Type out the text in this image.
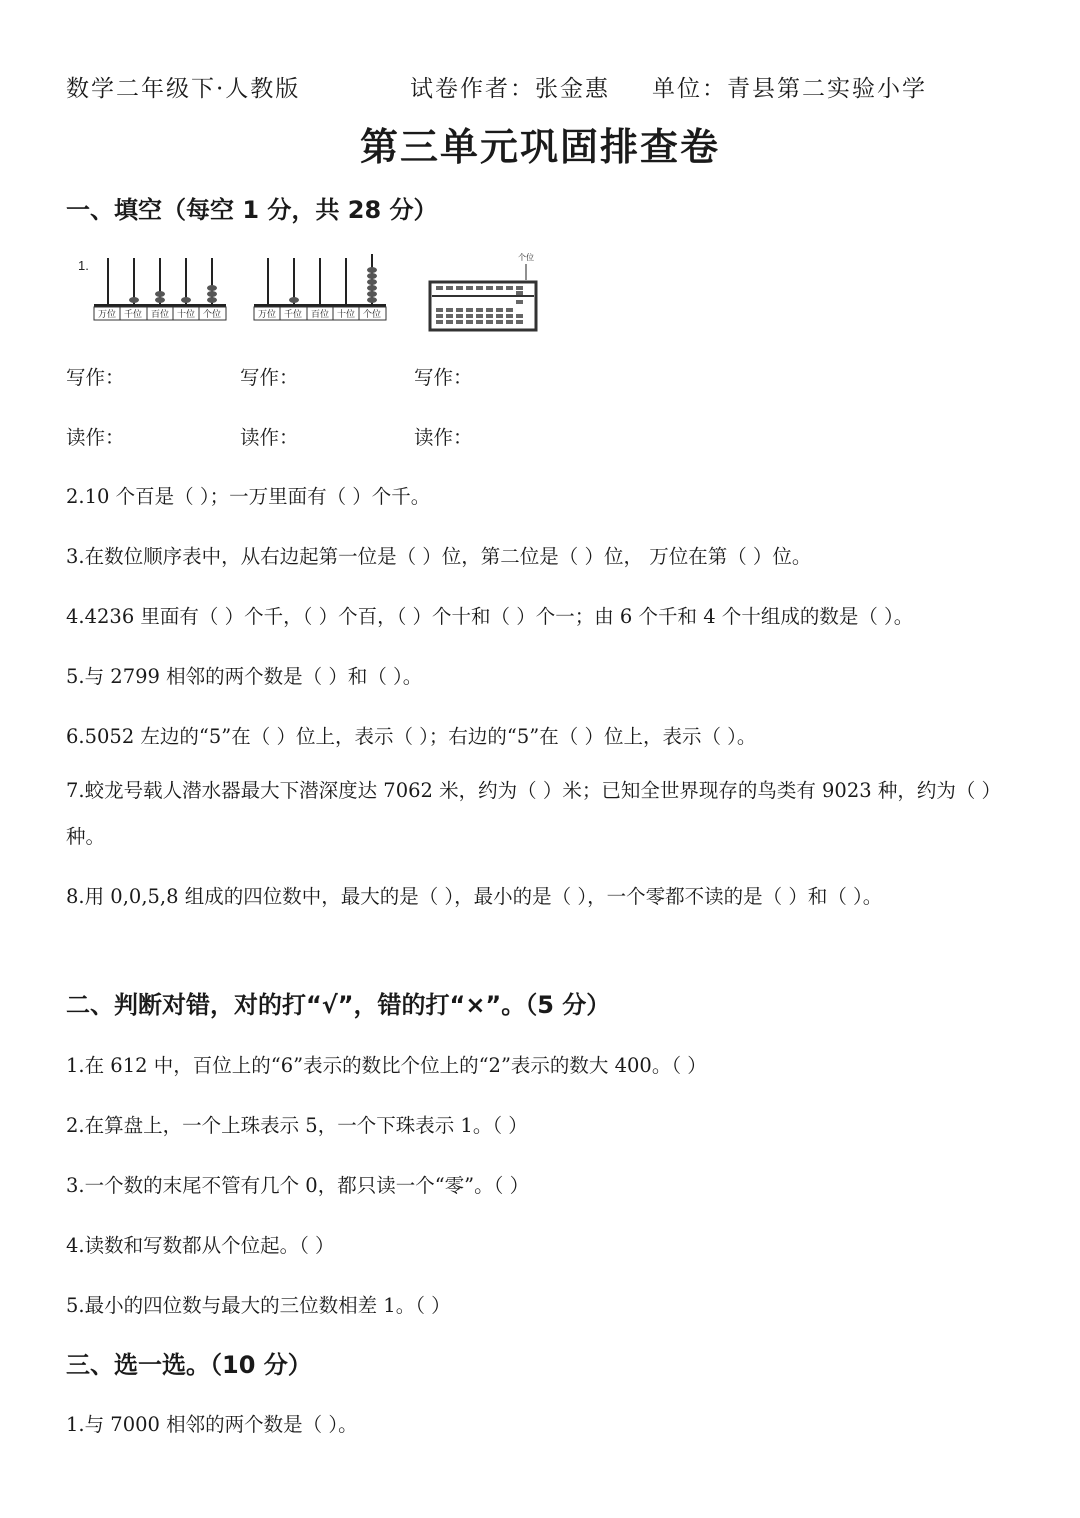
数学二年级下·人教版	试卷作者：张金惠 单位：青县第二实验小学
第三单元巩固排查卷
一、填空（每空 1 分，共 28 分）
1.
万位 千位 百位 十位 个位	万位 千位 百位 十位 个位
个位
写作：	写作：	写作：
读作：	读作：	读作：
2.10 个百是（ ）；一万里面有（ ）个千。
3.在数位顺序表中，从右边起第一位是（ ）位，第二位是（ ）位， 万位在第（ ）位。
4.4236 里面有（ ）个千，（ ）个百，（ ）个十和（ ）个一；由 6 个千和 4 个十组成的数是（ ）。
5.与 2799 相邻的两个数是（ ）和（ ）。
6.5052 左边的“5”在（ ）位上，表示（ ）；右边的“5”在（ ）位上，表示（ ）。
7.蛟龙号载人潜水器最大下潜深度达 7062 米，约为（ ）米；已知全世界现存的鸟类有 9023 种，约为（ ）种。
8.用 0,0,5,8 组成的四位数中，最大的是（ ），最小的是（ ），一个零都不读的是（ ）和（ ）。
二、判断对错，对的打“√”，错的打“×”。（5 分）
1.在 612 中，百位上的“6”表示的数比个位上的“2”表示的数大 400。（ ）
2.在算盘上，一个上珠表示 5，一个下珠表示 1。（ ）
3.一个数的末尾不管有几个 0，都只读一个“零”。（ ）
4.读数和写数都从个位起。（ ）
5.最小的四位数与最大的三位数相差 1。（ ）
三、选一选。（10 分）
1.与 7000 相邻的两个数是（ ）。
